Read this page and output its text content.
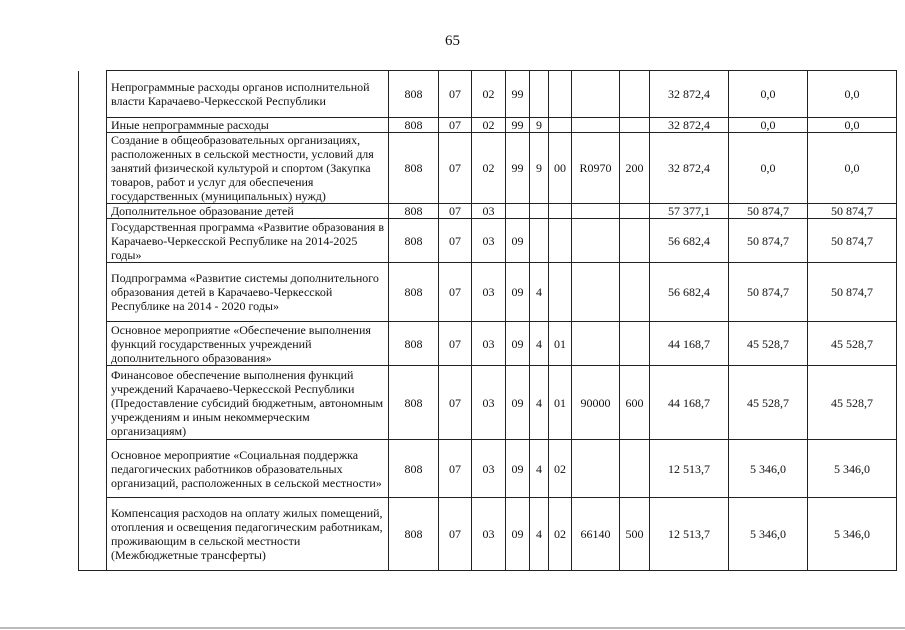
65
	Непрограммные расходы органов исполнительной власти Карачаево-Черкесской Республики	808	07	02	99					32 872,4	0,0	0,0
	Иные непрограммные расходы	808	07	02	99	9				32 872,4	0,0	0,0
	Создание в общеобразовательных организациях, расположенных в сельской местности, условий для занятий физической культурой и спортом (Закупка товаров, работ и услуг для обеспечения государственных (муниципальных) нужд)	808	07	02	99	9	00	R0970	200	32 872,4	0,0	0,0
	Дополнительное образование детей	808	07	03						57 377,1	50 874,7	50 874,7
	Государственная программа «Развитие образования в Карачаево-Черкесской Республике на 2014-2025 годы»	808	07	03	09					56 682,4	50 874,7	50 874,7
	Подпрограмма «Развитие системы дополнительного образования детей в Карачаево-Черкесской Республике на 2014 - 2020 годы»	808	07	03	09	4				56 682,4	50 874,7	50 874,7
	Основное мероприятие «Обеспечение выполнения функций государственных учреждений дополнительного образования»	808	07	03	09	4	01			44 168,7	45 528,7	45 528,7
	Финансовое обеспечение выполнения функций учреждений Карачаево-Черкесской Республики (Предоставление субсидий бюджетным, автономным учреждениям и иным некоммерческим организациям)	808	07	03	09	4	01	90000	600	44 168,7	45 528,7	45 528,7
	Основное мероприятие «Социальная поддержка педагогических работников образовательных организаций, расположенных в сельской местности»	808	07	03	09	4	02			12 513,7	5 346,0	5 346,0
	Компенсация расходов на оплату жилых помещений, отопления и освещения педагогическим работникам, проживающим в сельской местности (Межбюджетные трансферты)	808	07	03	09	4	02	66140	500	12 513,7	5 346,0	5 346,0
